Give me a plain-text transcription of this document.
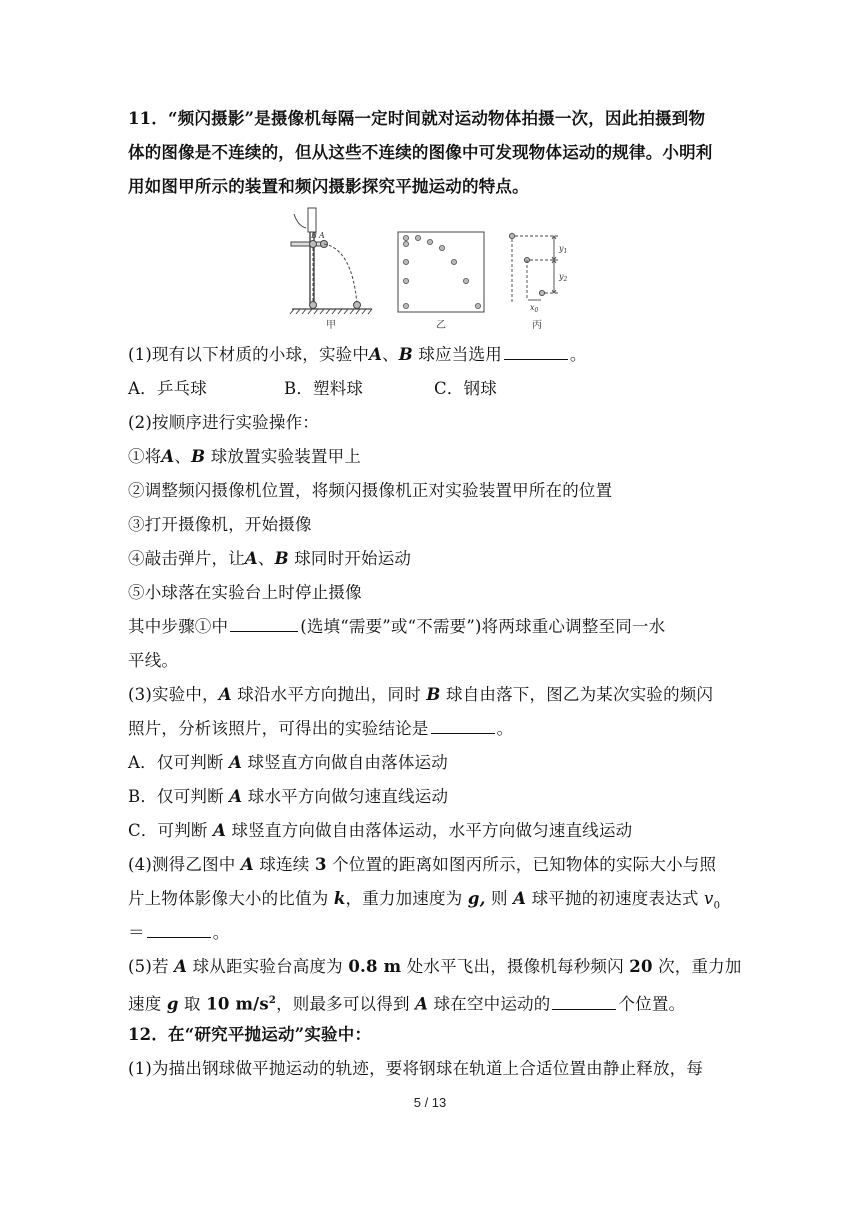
11．“频闪摄影”是摄像机每隔一定时间就对运动物体拍摄一次，因此拍摄到物
体的图像是不连续的，但从这些不连续的图像中可发现物体运动的规律。小明利
用如图甲所示的装置和频闪摄影探究平抛运动的特点。
B A
甲	乙
$y_1$
$y_2$
$x_0$
丙
(1)现有以下材质的小球，实验中A、B 球应当选用	。
A．乒乓球	B．塑料球	C．钢球
(2)按顺序进行实验操作：
①将A、B 球放置实验装置甲上
②调整频闪摄像机位置，将频闪摄像机正对实验装置甲所在的位置
③打开摄像机，开始摄像
④敲击弹片，让A、B 球同时开始运动
⑤小球落在实验台上时停止摄像
其中步骤①中	(选填“需要”或“不需要”)将两球重心调整至同一水
平线。
(3)实验中，A 球沿水平方向抛出，同时 B 球自由落下，图乙为某次实验的频闪
照片，分析该照片，可得出的实验结论是	。
A．仅可判断 A 球竖直方向做自由落体运动
B．仅可判断 A 球水平方向做匀速直线运动
C．可判断 A 球竖直方向做自由落体运动，水平方向做匀速直线运动
(4)测得乙图中 A 球连续 3 个位置的距离如图丙所示，已知物体的实际大小与照
片上物体影像大小的比值为 k，重力加速度为 g, 则 A 球平抛的初速度表达式 $v_0$
＝	。
(5)若 A 球从距实验台高度为 0.8 m 处水平飞出，摄像机每秒频闪 20 次，重力加
速度 g 取 10 $m/s^2$，则最多可以得到 A 球在空中运动的	个位置。
12．在“研究平抛运动”实验中：
(1)为描出钢球做平抛运动的轨迹，要将钢球在轨道上合适位置由静止释放，每
5 / 13
